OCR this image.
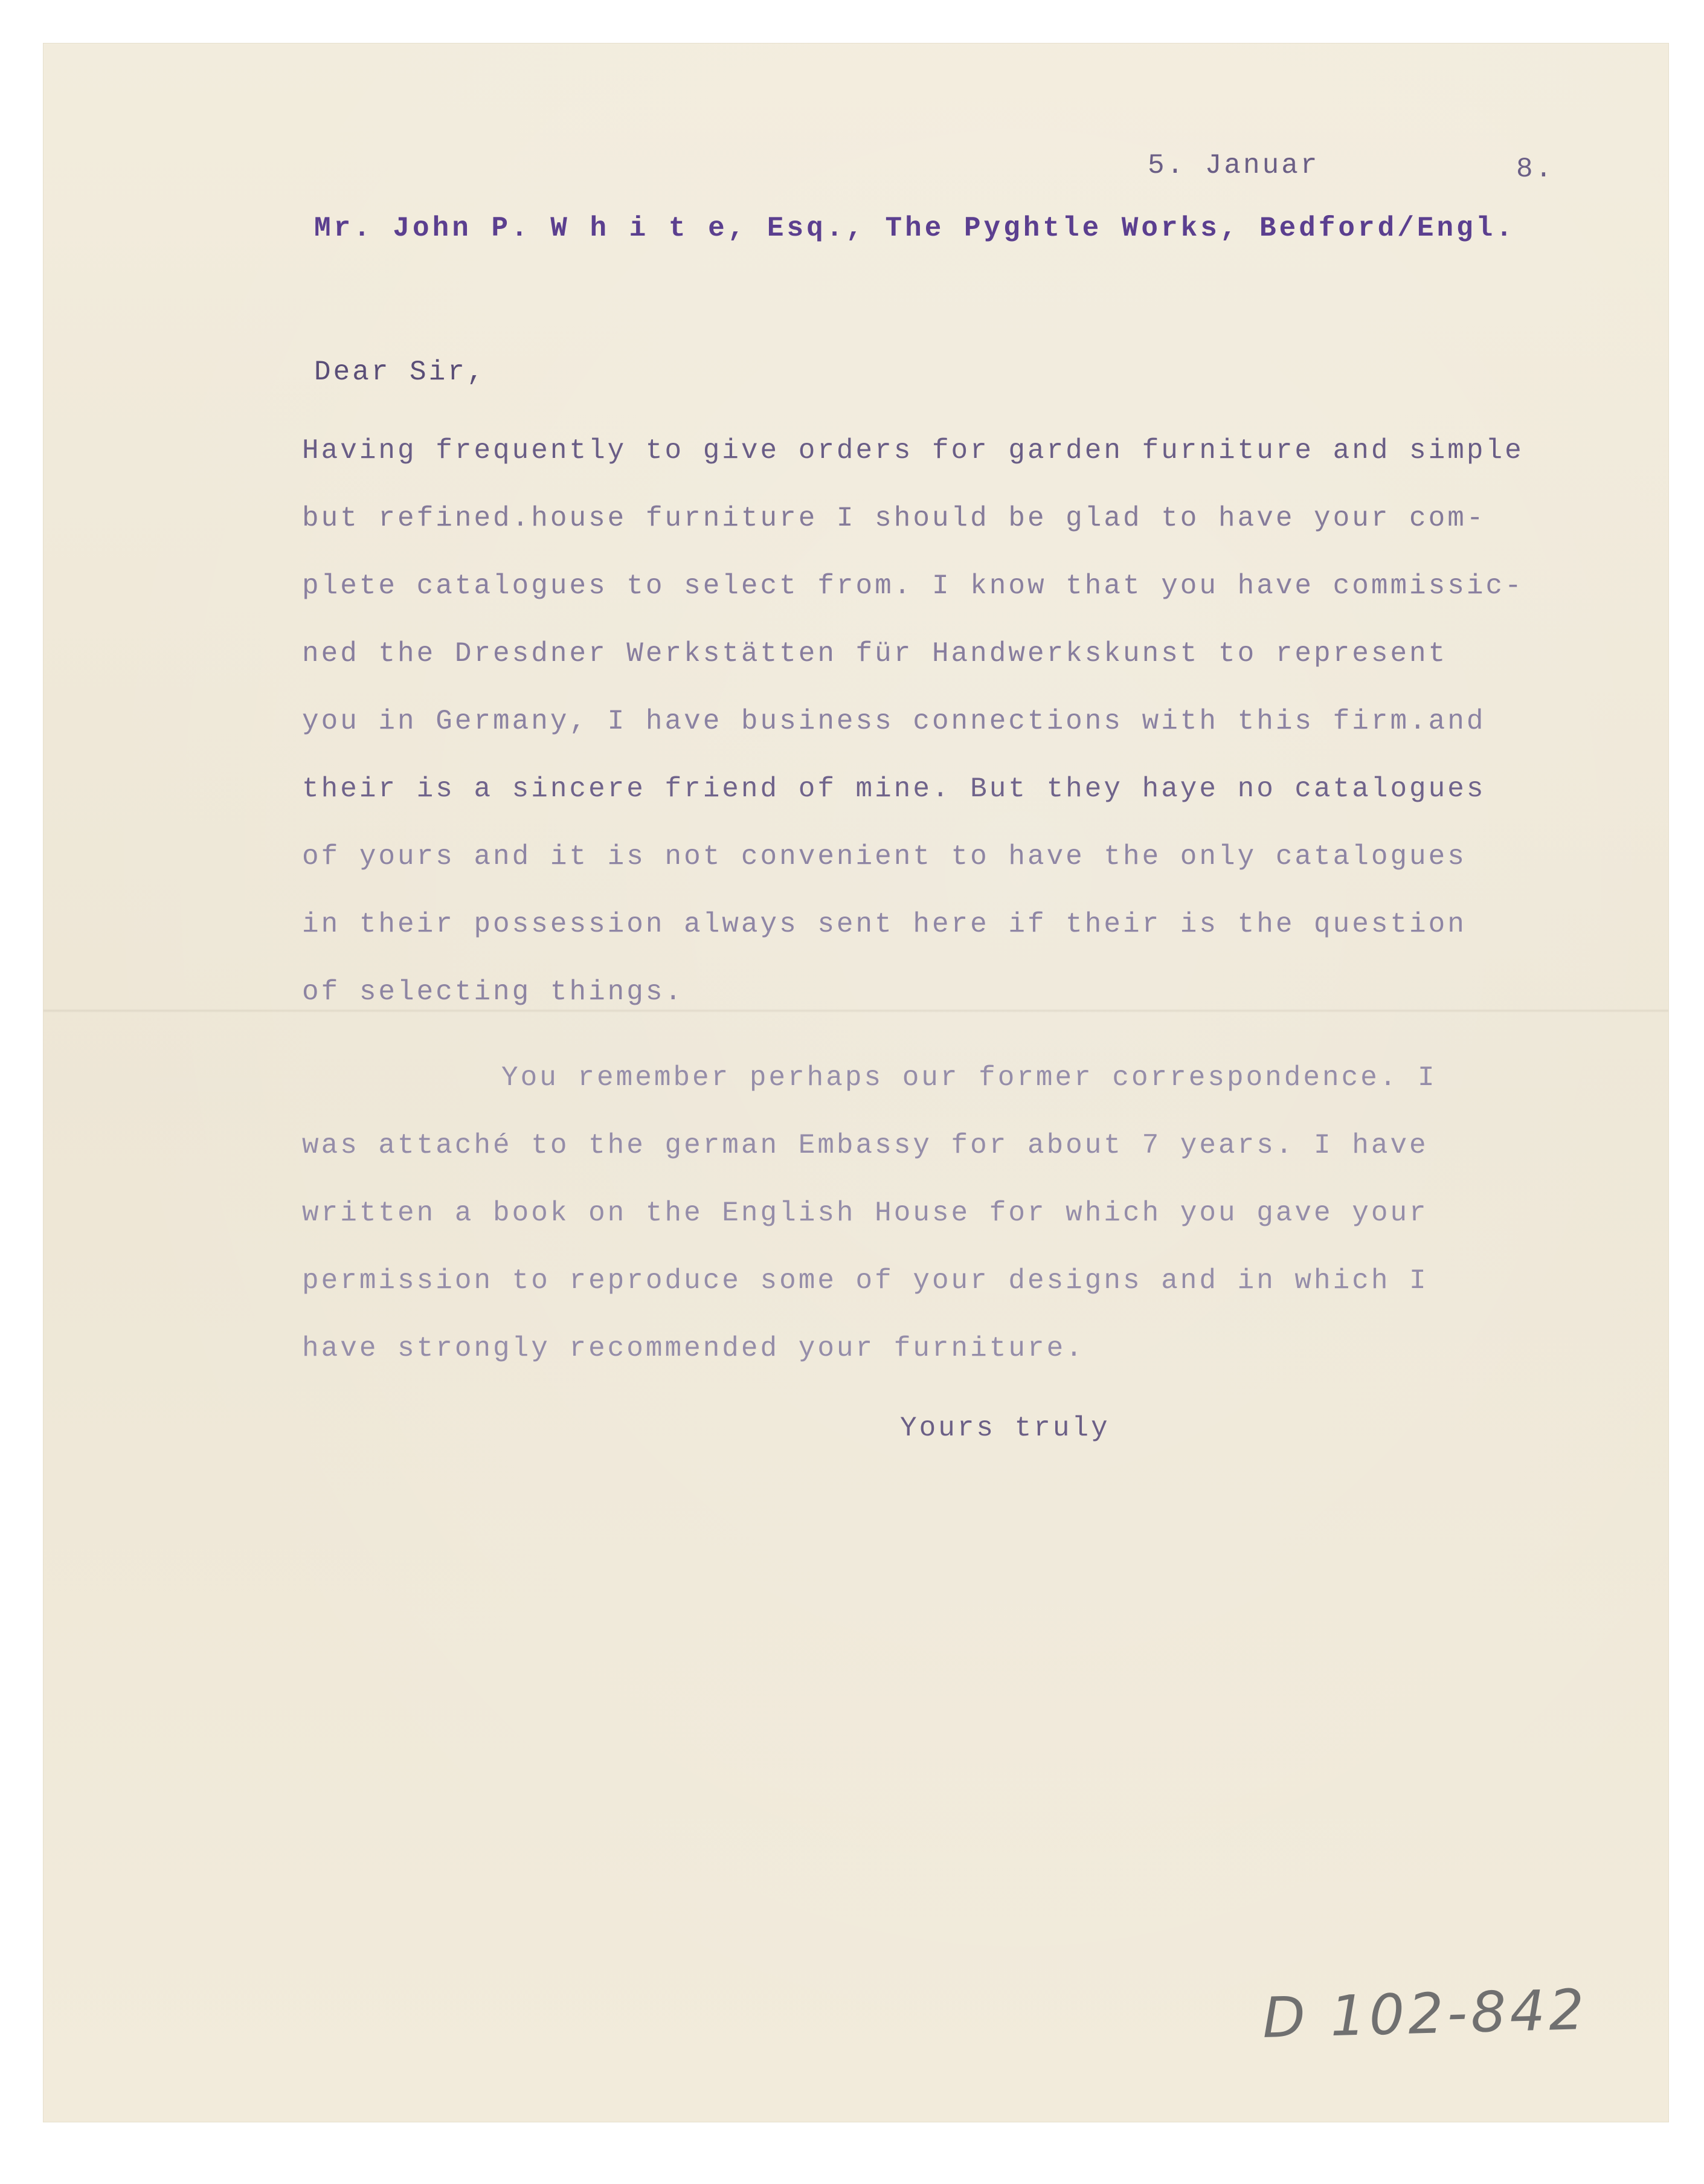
5. Januar	8.
Mr. John P. W h i t e, Esq., The Pyghtle Works, Bedford/Engl.
Dear Sir,
Having frequently to give orders for garden furniture and simple
but refined.house furniture I should be glad to have your com-
plete catalogues to select from. I know that you have commissic-
ned the Dresdner Werkstätten für Handwerkskunst to represent
you in Germany, I have business connections with this firm.and
their is a sincere friend of mine. But they haye no catalogues
of yours and it is not convenient to have the only catalogues
in their possession always sent here if their is the question
of selecting things.
You remember perhaps our former correspondence. I
was attaché to the german Embassy for about 7 years. I have
written a book on the English House for which you gave your
permission to reproduce some of your designs and in which I
have strongly recommended your furniture.
Yours truly
D 102-842
